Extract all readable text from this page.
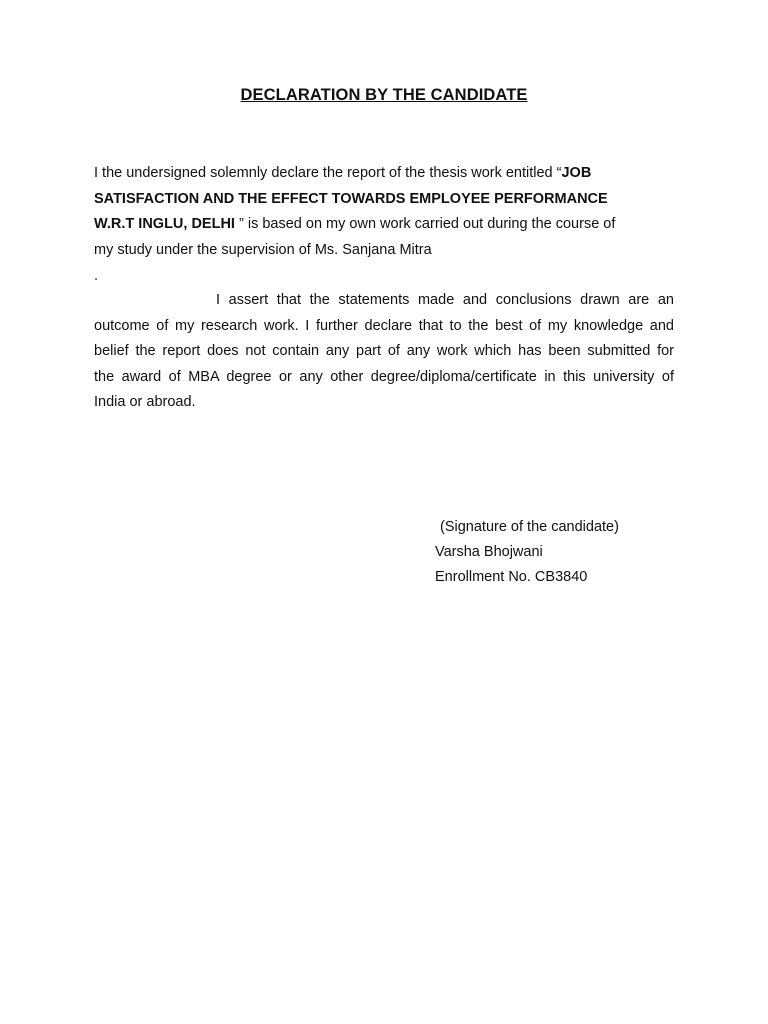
DECLARATION BY THE CANDIDATE
I the undersigned solemnly declare the report of the thesis work entitled “JOB
SATISFACTION AND THE EFFECT TOWARDS EMPLOYEE PERFORMANCE
W.R.T INGLU, DELHI ” is based on my own work carried out during the course of
my study under the supervision of Ms. Sanjana Mitra
.
I assert that the statements made and conclusions drawn are an
outcome of my research work. I further declare that to the best of my knowledge and
belief the report does not contain any part of any work which has been submitted for
the award of MBA degree or any other degree/diploma/certificate in this university of
India or abroad.
(Signature of the candidate)
Varsha Bhojwani
Enrollment No. CB3840
